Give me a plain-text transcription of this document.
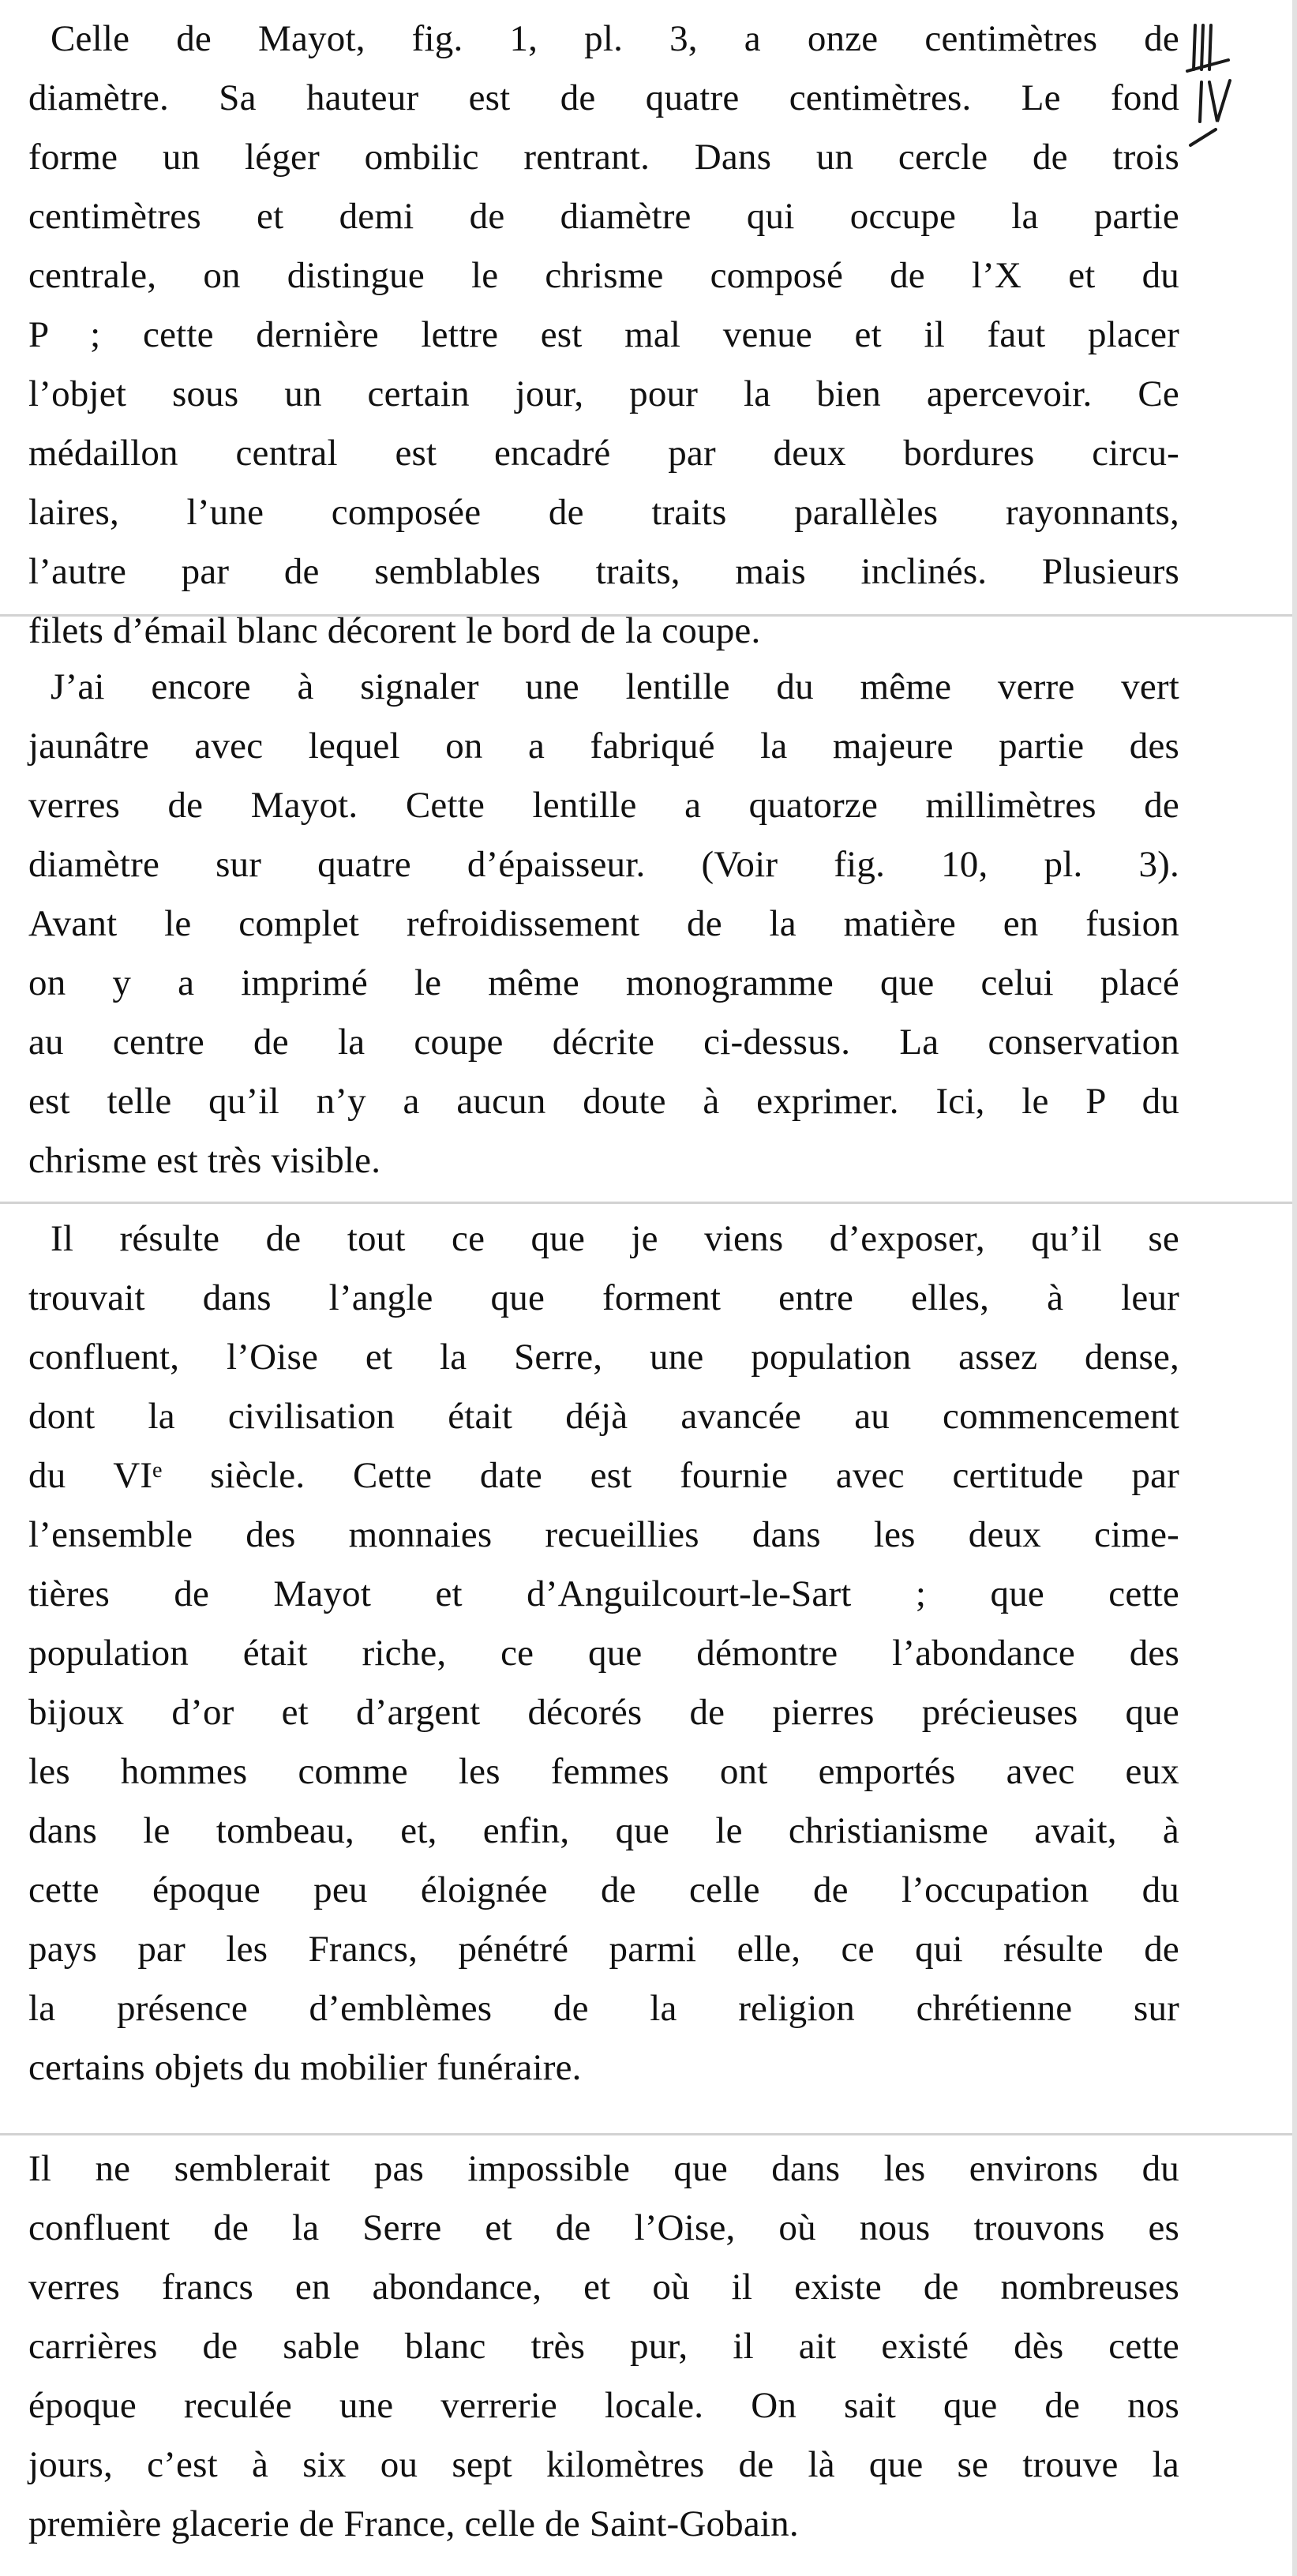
Celle de Mayot, fig. 1, pl. 3, a onze centimètres de
diamètre. Sa hauteur est de quatre centimètres. Le fond
forme un léger ombilic rentrant. Dans un cercle de trois
centimètres et demi de diamètre qui occupe la partie
centrale, on distingue le chrisme composé de l’X et du
P ; cette dernière lettre est mal venue et il faut placer
l’objet sous un certain jour, pour la bien apercevoir. Ce
médaillon central est encadré par deux bordures circu-
laires, l’une composée de traits parallèles rayonnants,
l’autre par de semblables traits, mais inclinés. Plusieurs
filets d’émail blanc décorent le bord de la coupe.
J’ai encore à signaler une lentille du même verre vert
jaunâtre avec lequel on a fabriqué la majeure partie des
verres de Mayot. Cette lentille a quatorze millimètres de
diamètre sur quatre d’épaisseur. (Voir fig. 10, pl. 3).
Avant le complet refroidissement de la matière en fusion
on y a imprimé le même monogramme que celui placé
au centre de la coupe décrite ci-dessus. La conservation
est telle qu’il n’y a aucun doute à exprimer. Ici, le P du
chrisme est très visible.
Il résulte de tout ce que je viens d’exposer, qu’il se
trouvait dans l’angle que forment entre elles, à leur
confluent, l’Oise et la Serre, une population assez dense,
dont la civilisation était déjà avancée au commencement
du VIᵉ siècle. Cette date est fournie avec certitude par
l’ensemble des monnaies recueillies dans les deux cime-
tières de Mayot et d’Anguilcourt-le-Sart ; que cette
population était riche, ce que démontre l’abondance des
bijoux d’or et d’argent décorés de pierres précieuses que
les hommes comme les femmes ont emportés avec eux
dans le tombeau, et, enfin, que le christianisme avait, à
cette époque peu éloignée de celle de l’occupation du
pays par les Francs, pénétré parmi elle, ce qui résulte de
la présence d’emblèmes de la religion chrétienne sur
certains objets du mobilier funéraire.
Il ne semblerait pas impossible que dans les environs du
confluent de la Serre et de l’Oise, où nous trouvons es
verres francs en abondance, et où il existe de nombreuses
carrières de sable blanc très pur, il ait existé dès cette
époque reculée une verrerie locale. On sait que de nos
jours, c’est à six ou sept kilomètres de là que se trouve la
première glacerie de France, celle de Saint-Gobain.
